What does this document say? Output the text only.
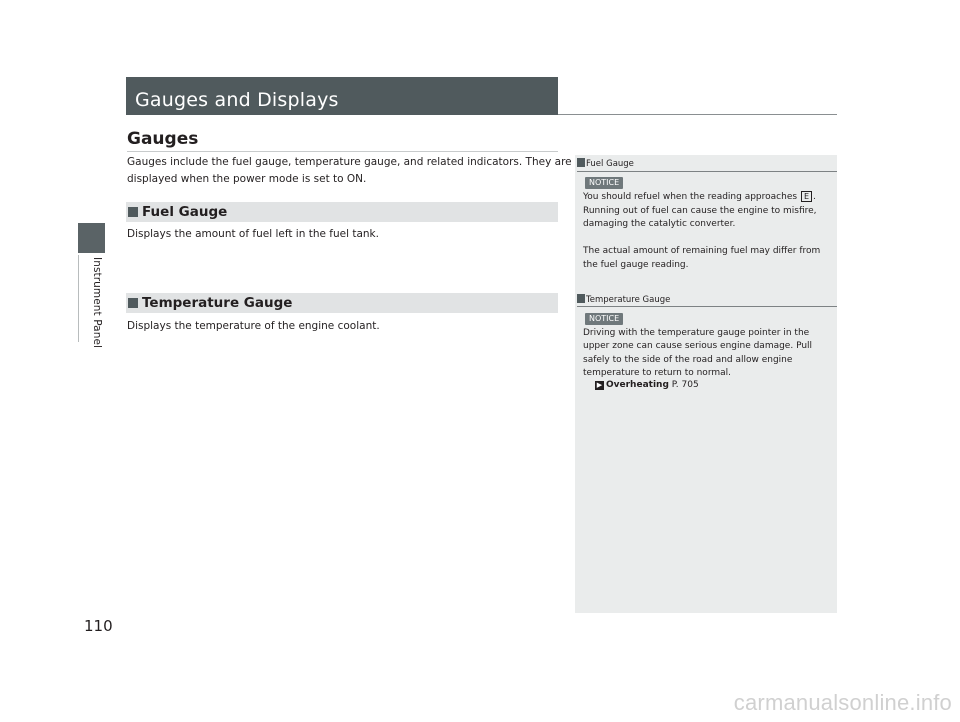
Instrument Panel
110
Gauges and Displays
Gauges
Gauges include the fuel gauge, temperature gauge, and related indicators. They are
displayed when the power mode is set to ON.
Fuel Gauge
Displays the amount of fuel left in the fuel tank.
Temperature Gauge
Displays the temperature of the engine coolant.
Fuel Gauge
NOTICE
You should refuel when the reading approaches E .
Running out of fuel can cause the engine to misfire,
damaging the catalytic converter.
The actual amount of remaining fuel may differ from
the fuel gauge reading.
Temperature Gauge
NOTICE
Driving with the temperature gauge pointer in the
upper zone can cause serious engine damage. Pull
safely to the side of the road and allow engine
temperature to return to normal.
▶ Overheating P. 705
carmanualsonline.info
